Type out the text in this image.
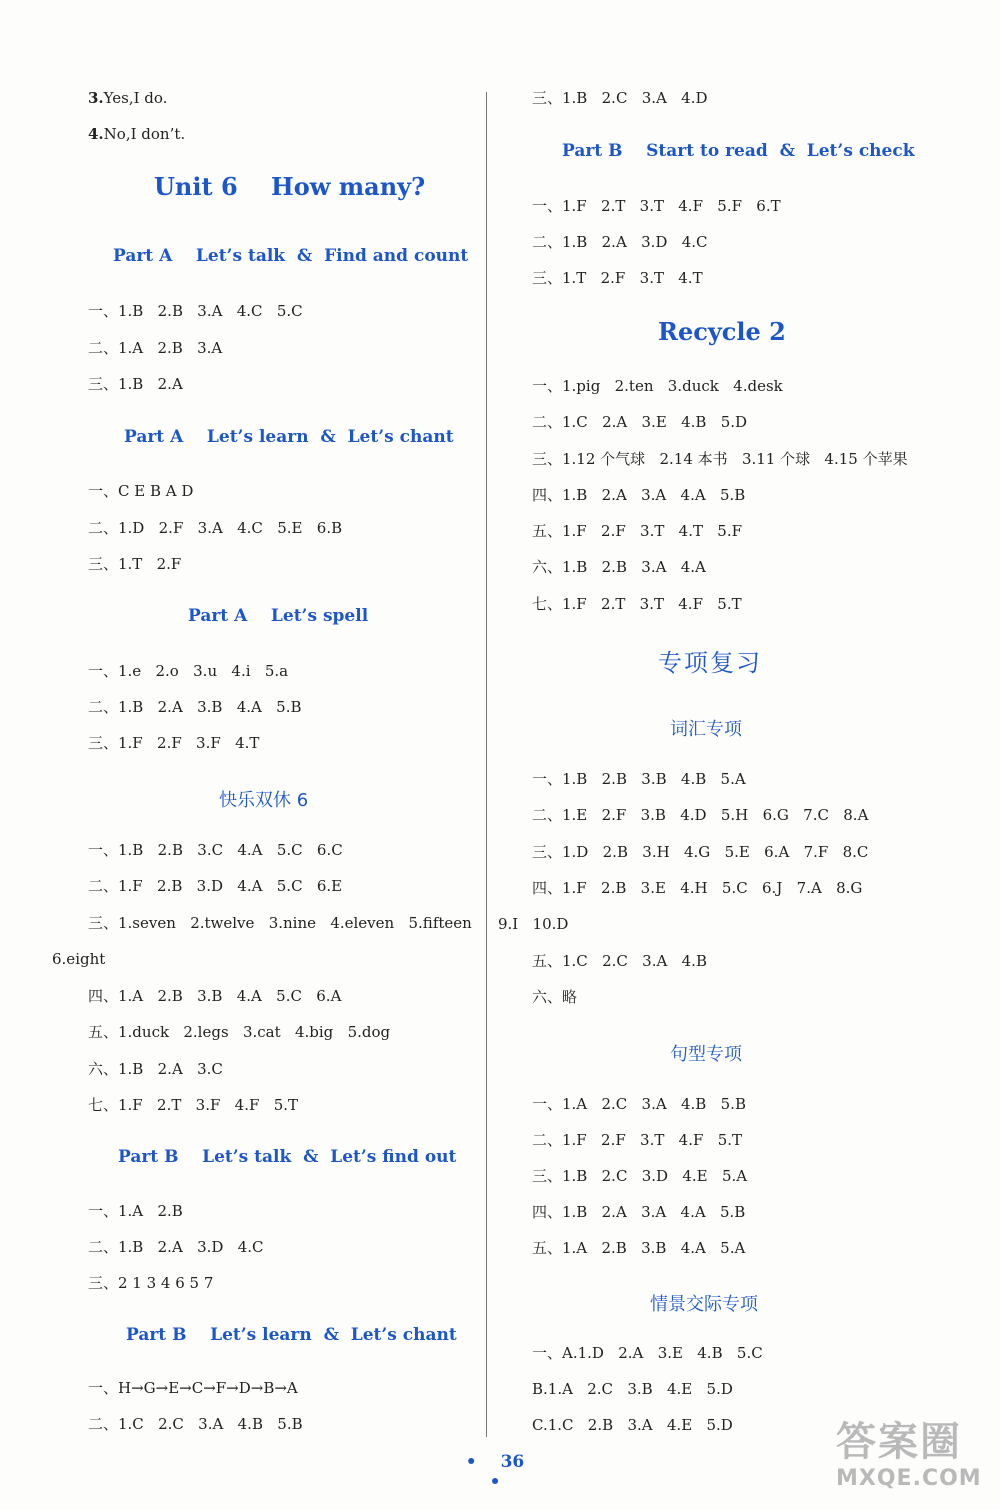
3.Yes,I do.
4.No,I don’t.
Unit 6    How many?
Part A    Let’s talk  &  Find and count
一、1.B   2.B   3.A   4.C   5.C
二、1.A   2.B   3.A
三、1.B   2.A
Part A    Let’s learn  &  Let’s chant
一、C E B A D
二、1.D   2.F   3.A   4.C   5.E   6.B
三、1.T   2.F
Part A    Let’s spell
一、1.e   2.o   3.u   4.i   5.a
二、1.B   2.A   3.B   4.A   5.B
三、1.F   2.F   3.F   4.T
快乐双休 6
一、1.B   2.B   3.C   4.A   5.C   6.C
二、1.F   2.B   3.D   4.A   5.C   6.E
三、1.seven   2.twelve   3.nine   4.eleven   5.fifteen
6.eight
四、1.A   2.B   3.B   4.A   5.C   6.A
五、1.duck   2.legs   3.cat   4.big   5.dog
六、1.B   2.A   3.C
七、1.F   2.T   3.F   4.F   5.T
Part B    Let’s talk  &  Let’s find out
一、1.A   2.B
二、1.B   2.A   3.D   4.C
三、2 1 3 4 6 5 7
Part B    Let’s learn  &  Let’s chant
一、H→G→E→C→F→D→B→A
二、1.C   2.C   3.A   4.B   5.B
三、1.B   2.C   3.A   4.D
Part B    Start to read  &  Let’s check
一、1.F   2.T   3.T   4.F   5.F   6.T
二、1.B   2.A   3.D   4.C
三、1.T   2.F   3.T   4.T
Recycle 2
一、1.pig   2.ten   3.duck   4.desk
二、1.C   2.A   3.E   4.B   5.D
三、1.12 个气球   2.14 本书   3.11 个球   4.15 个苹果
四、1.B   2.A   3.A   4.A   5.B
五、1.F   2.F   3.T   4.T   5.F
六、1.B   2.B   3.A   4.A
七、1.F   2.T   3.T   4.F   5.T
专项复习
词汇专项
一、1.B   2.B   3.B   4.B   5.A
二、1.E   2.F   3.B   4.D   5.H   6.G   7.C   8.A
三、1.D   2.B   3.H   4.G   5.E   6.A   7.F   8.C
四、1.F   2.B   3.E   4.H   5.C   6.J   7.A   8.G
9.I   10.D
五、1.C   2.C   3.A   4.B
六、略
句型专项
一、1.A   2.C   3.A   4.B   5.B
二、1.F   2.F   3.T   4.F   5.T
三、1.B   2.C   3.D   4.E   5.A
四、1.B   2.A   3.A   4.A   5.B
五、1.A   2.B   3.B   4.A   5.A
情景交际专项
一、A.1.D   2.A   3.E   4.B   5.C
B.1.A   2.C   3.B   4.E   5.D
C.1.C   2.B   3.A   4.E   5.D
• 36•
答案圈
MXQE.COM
